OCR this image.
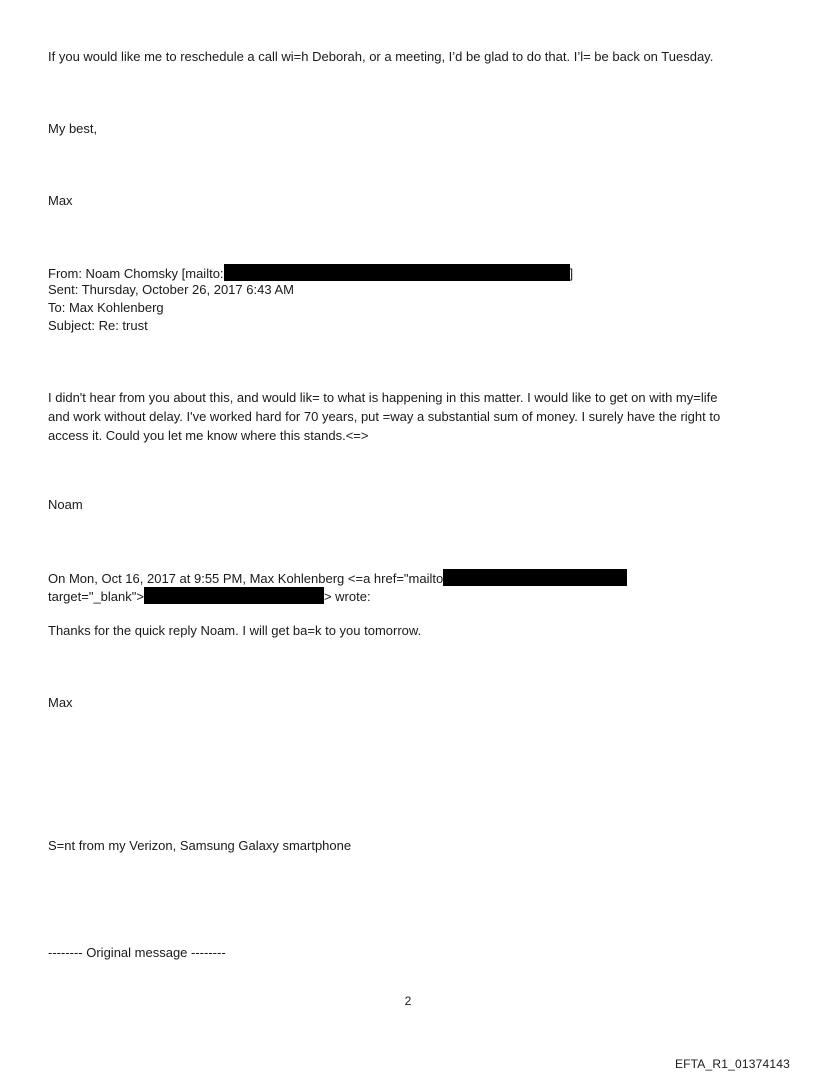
If you would like me to reschedule a call wi=h Deborah, or a meeting, I’d be glad to do that. I’l= be back on Tuesday.
My best,
Max
From: Noam Chomsky [mailto:	]
Sent: Thursday, October 26, 2017 6:43 AM
To: Max Kohlenberg
Subject: Re: trust
I didn't hear from you about this, and would lik= to what is happening in this matter. I would like to get on with my=life
and work without delay. I've worked hard for 70 years, put =way a substantial sum of money. I surely have the right to
access it. Could you let me know where this stands.<=>
Noam
On Mon, Oct 16, 2017 at 9:55 PM, Max Kohlenberg <=a href="mailto
target="_blank">	> wrote:
Thanks for the quick reply Noam. I will get ba=k to you tomorrow.
Max
S=nt from my Verizon, Samsung Galaxy smartphone
-------- Original message --------
2
EFTA_R1_01374143
